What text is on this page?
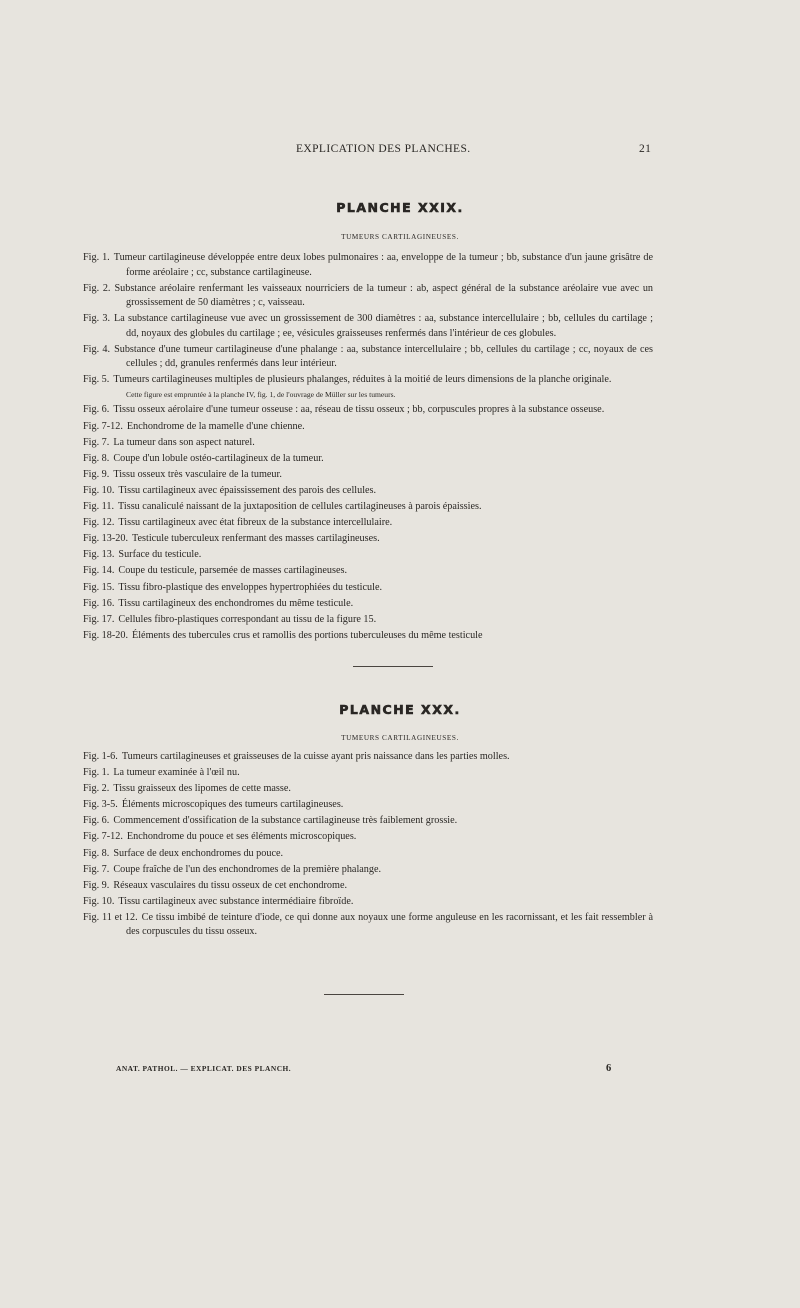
EXPLICATION DES PLANCHES.	21
PLANCHE XXIX.
TUMEURS CARTILAGINEUSES.
Fig. 1. Tumeur cartilagineuse développée entre deux lobes pulmonaires : aa, enveloppe de la tumeur ; bb, substance d'un jaune grisâtre de forme aréolaire ; cc, substance cartilagineuse.
Fig. 2. Substance aréolaire renfermant les vaisseaux nourriciers de la tumeur : ab, aspect général de la substance aréolaire vue avec un grossissement de 50 diamètres ; c, vaisseau.
Fig. 3. La substance cartilagineuse vue avec un grossissement de 300 diamètres : aa, substance intercellulaire ; bb, cellules du cartilage ; dd, noyaux des globules du cartilage ; ee, vésicules graisseuses renfermés dans l'intérieur de ces globules.
Fig. 4. Substance d'une tumeur cartilagineuse d'une phalange : aa, substance intercellulaire ; bb, cellules du cartilage ; cc, noyaux de ces cellules ; dd, granules renfermés dans leur intérieur.
Fig. 5. Tumeurs cartilagineuses multiples de plusieurs phalanges, réduites à la moitié de leurs dimensions de la planche originale.
Cette figure est empruntée à la planche IV, fig. 1, de l'ouvrage de Müller sur les tumeurs.
Fig. 6. Tissu osseux aérolaire d'une tumeur osseuse : aa, réseau de tissu osseux ; bb, corpuscules propres à la substance osseuse.
Fig. 7-12. Enchondrome de la mamelle d'une chienne.
Fig. 7. La tumeur dans son aspect naturel.
Fig. 8. Coupe d'un lobule ostéo-cartilagineux de la tumeur.
Fig. 9. Tissu osseux très vasculaire de la tumeur.
Fig. 10. Tissu cartilagineux avec épaississement des parois des cellules.
Fig. 11. Tissu canaliculé naissant de la juxtaposition de cellules cartilagineuses à parois épaissies.
Fig. 12. Tissu cartilagineux avec état fibreux de la substance intercellulaire.
Fig. 13-20. Testicule tuberculeux renfermant des masses cartilagineuses.
Fig. 13. Surface du testicule.
Fig. 14. Coupe du testicule, parsemée de masses cartilagineuses.
Fig. 15. Tissu fibro-plastique des enveloppes hypertrophiées du testicule.
Fig. 16. Tissu cartilagineux des enchondromes du même testicule.
Fig. 17. Cellules fibro-plastiques correspondant au tissu de la figure 15.
Fig. 18-20. Éléments des tubercules crus et ramollis des portions tuberculeuses du même testicule
PLANCHE XXX.
TUMEURS CARTILAGINEUSES.
Fig. 1-6. Tumeurs cartilagineuses et graisseuses de la cuisse ayant pris naissance dans les parties molles.
Fig. 1. La tumeur examinée à l'œil nu.
Fig. 2. Tissu graisseux des lipomes de cette masse.
Fig. 3-5. Éléments microscopiques des tumeurs cartilagineuses.
Fig. 6. Commencement d'ossification de la substance cartilagineuse très faiblement grossie.
Fig. 7-12. Enchondrome du pouce et ses éléments microscopiques.
Fig. 8. Surface de deux enchondromes du pouce.
Fig. 7. Coupe fraîche de l'un des enchondromes de la première phalange.
Fig. 9. Réseaux vasculaires du tissu osseux de cet enchondrome.
Fig. 10. Tissu cartilagineux avec substance intermédiaire fibroïde.
Fig. 11 et 12. Ce tissu imbibé de teinture d'iode, ce qui donne aux noyaux une forme anguleuse en les racornissant, et les fait ressembler à des corpuscules du tissu osseux.
ANAT. PATHOL. — EXPLICAT. DES PLANCH.	6
